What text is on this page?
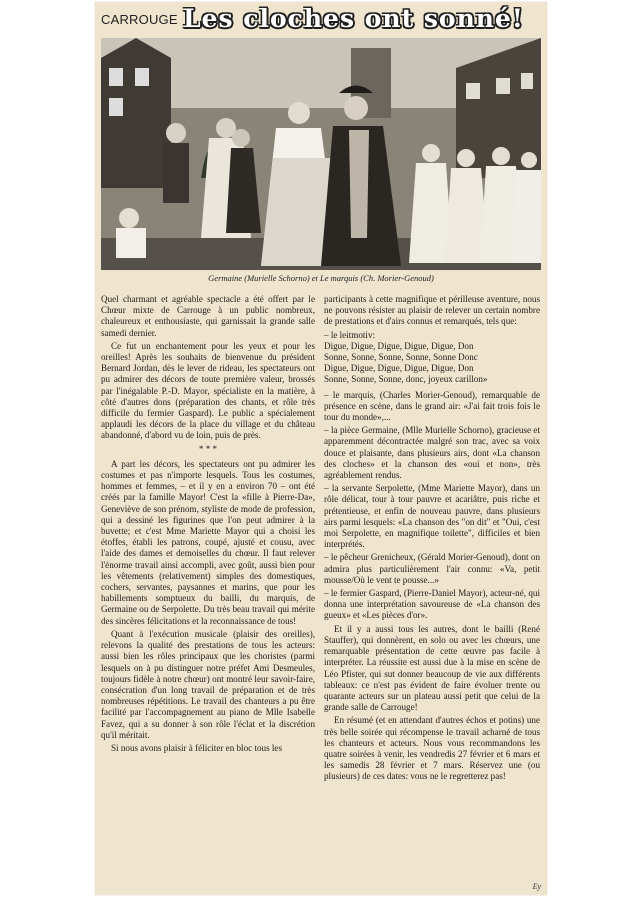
CARROUGE Les cloches ont sonné!
Germaine (Murielle Schorno) et Le marquis (Ch. Morier-Genoud)

Quel charmant et agréable spectacle a été offert par le Chœur mixte de Carrouge à un public nombreux, chaleureux et enthousiaste, qui garnissait la grande salle samedi dernier.

Ce fut un enchantement pour les yeux et pour les oreilles! Après les souhaits de bienvenue du président Bernard Jordan, dès le lever de rideau, les spectateurs ont pu admirer des décors de toute première valeur, brossés par l'inégalable P.-D. Mayor, spécialiste en la matière, à côté d'autres dons (préparation des chants, et rôle très difficile du fermier Gaspard). Le public a spécialement applaudi les décors de la place du village et du château abandonné, d'abord vu de loin, puis de près.

* * *

A part les décors, les spectateurs ont pu admirer les costumes et pas n'importe lesquels. Tous les costumes, hommes et femmes, – et il y en a environ 70 – ont été créés par la famille Mayor! C'est la «fille à Pierre-Da», Geneviève de son prénom, styliste de mode de profession, qui a dessiné les figurines que l'on peut admirer à la buvette; et c'est Mme Mariette Mayor qui a choisi les étoffes, établi les patrons, coupé, ajusté et cousu, avec l'aide des dames et demoiselles du chœur. Il faut relever l'énorme travail ainsi accompli, avec goût, aussi bien pour les vêtements (relativement) simples des domestiques, cochers, servantes, paysannes et marins, que pour les habillements somptueux du bailli, du marquis, de Germaine ou de Serpolette. Du très beau travail qui mérite des sincères félicitations et la reconnaissance de tous!

Quant à l'exécution musicale (plaisir des oreilles), relevons la qualité des prestations de tous les acteurs: aussi bien les rôles principaux que les choristes (parmi lesquels on à pu distinguer notre préfet Ami Desmeules, toujours fidèle à notre chœur) ont montré leur savoir-faire, consécration d'un long travail de préparation et de très nombreuses répétitions. Le travail des chanteurs a pu être facilité par l'accompagnement au piano de Mlle Isabelle Favez, qui a su donner à son rôle l'éclat et la discrétion qu'il méritait.

Si nous avons plaisir à féliciter en bloc tous les

participants à cette magnifique et périlleuse aventure, nous ne pouvons résister au plaisir de relever un certain nombre de prestations et d'airs connus et remarqués, tels que:

– le leitmotiv:
Digue, Digue, Digue, Digue, Digue, Don
Sonne, Sonne, Sonne, Sonne, Sonne Donc
Digue, Digue, Digue, Digue, Digue, Don
Sonne, Sonne, Sonne, donc, joyeux carillon»

– le marquis, (Charles Morier-Genoud), remarquable de présence en scène, dans le grand air: «J'ai fait trois fois le tour du monde»,...

– la pièce Germaine, (Mlle Murielle Schorno), gracieuse et apparemment décontractée malgré son trac, avec sa voix douce et plaisante, dans plusieurs airs, dont «La chanson des cloches» et la chanson des «oui et non», très agréablement rendus.

– la servante Serpolette, (Mme Mariette Mayor), dans un rôle délicat, tour à tour pauvre et acariâtre, puis riche et prétentieuse, et enfin de nouveau pauvre, dans plusieurs airs parmi lesquels: «La chanson des "on dit" et "Oui, c'est moi Serpolette, en magnifique toilette", difficiles et bien interprétés.

– le pêcheur Grenicheux, (Gérald Morier-Genoud), dont on admira plus particulièrement l'air connu: «Va, petit mousse/Où le vent te pousse...»

– le fermier Gaspard, (Pierre-Daniel Mayor), acteur-né, qui donna une interprétation savoureuse de «La chanson des gueux» et «Les pièces d'or».

Et il y a aussi tous les autres, dont le bailli (René Stauffer), qui donnèrent, en solo ou avec les chœurs, une remarquable présentation de cette œuvre pas facile à interpréter. La réussite est aussi due à la mise en scène de Léo Pfister, qui sut donner beaucoup de vie aux différents tableaux: ce n'est pas évident de faire évoluer trente ou quarante acteurs sur un plateau aussi petit que celui de la grande salle de Carrouge!

En résumé (et en attendant d'autres échos et potins) une très belle soirée qui récompense le travail acharné de tous les chanteurs et acteurs. Nous vous recommandons les quatre soirées à venir, les vendredis 27 février et 6 mars et les samedis 28 février et 7 mars. Réservez une (ou plusieurs) de ces dates: vous ne le regretterez pas!

Ey
